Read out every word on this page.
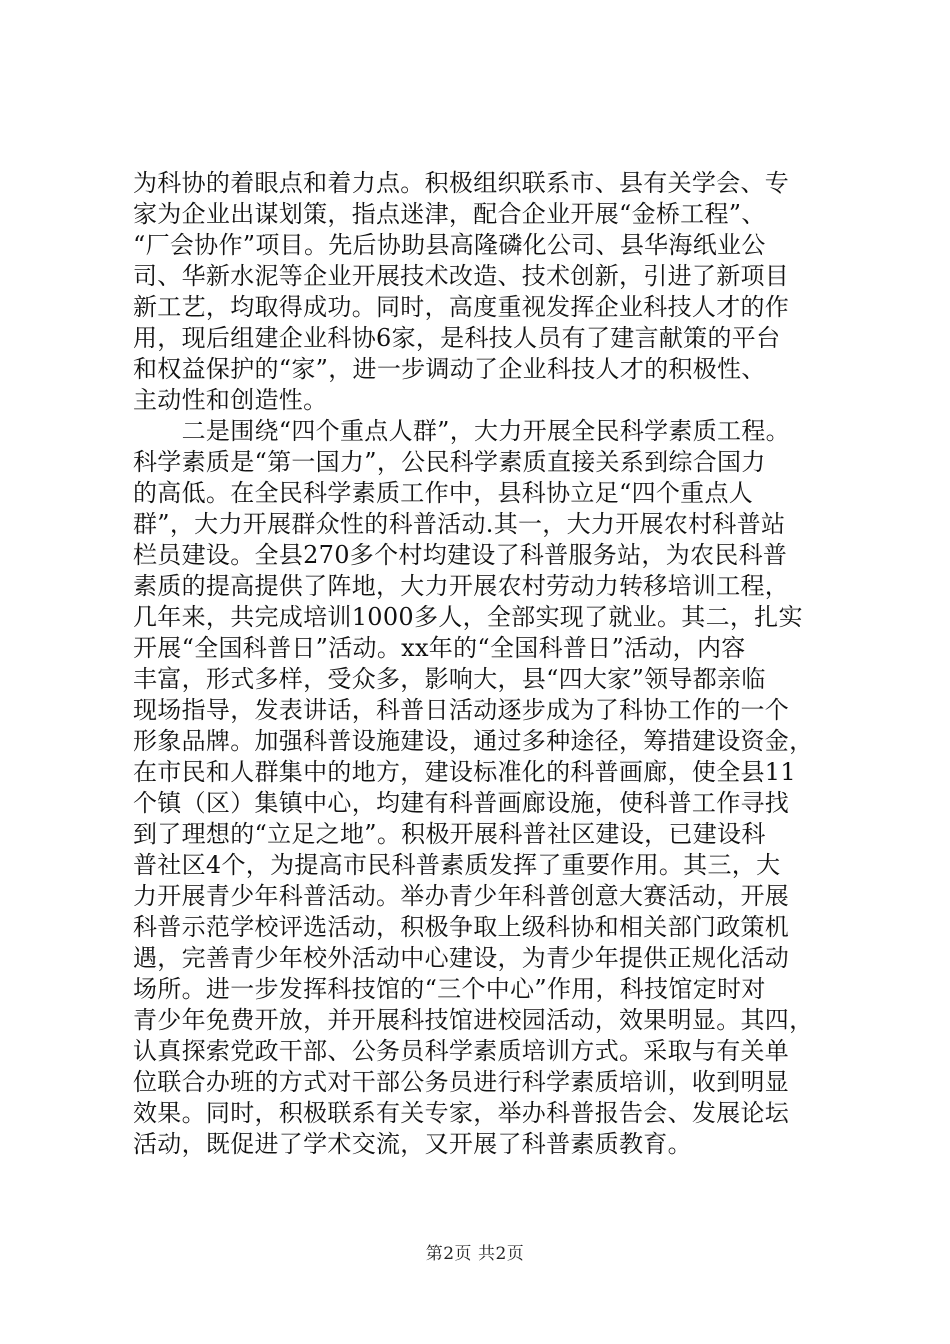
为科协的着眼点和着力点。积极组织联系市、县有关学会、专
家为企业出谋划策，指点迷津，配合企业开展“金桥工程”、
“厂会协作”项目。先后协助县高隆磷化公司、县华海纸业公
司、华新水泥等企业开展技术改造、技术创新，引进了新项目
新工艺，均取得成功。同时，高度重视发挥企业科技人才的作
用，现后组建企业科协6家，是科技人员有了建言献策的平台
和权益保护的“家”，进一步调动了企业科技人才的积极性、
主动性和创造性。
　　二是围绕“四个重点人群”，大力开展全民科学素质工程。
科学素质是“第一国力”，公民科学素质直接关系到综合国力
的高低。在全民科学素质工作中，县科协立足“四个重点人
群”，大力开展群众性的科普活动.其一，大力开展农村科普站
栏员建设。全县270多个村均建设了科普服务站，为农民科普
素质的提高提供了阵地，大力开展农村劳动力转移培训工程，
几年来，共完成培训1000多人，全部实现了就业。其二，扎实
开展“全国科普日”活动。xx年的“全国科普日”活动，内容
丰富，形式多样，受众多，影响大，县“四大家”领导都亲临
现场指导，发表讲话，科普日活动逐步成为了科协工作的一个
形象品牌。加强科普设施建设，通过多种途径，筹措建设资金，
在市民和人群集中的地方，建设标准化的科普画廊，使全县11
个镇（区）集镇中心，均建有科普画廊设施，使科普工作寻找
到了理想的“立足之地”。积极开展科普社区建设，已建设科
普社区4个，为提高市民科普素质发挥了重要作用。其三，大
力开展青少年科普活动。举办青少年科普创意大赛活动，开展
科普示范学校评选活动，积极争取上级科协和相关部门政策机
遇，完善青少年校外活动中心建设，为青少年提供正规化活动
场所。进一步发挥科技馆的“三个中心”作用，科技馆定时对
青少年免费开放，并开展科技馆进校园活动，效果明显。其四，
认真探索党政干部、公务员科学素质培训方式。采取与有关单
位联合办班的方式对干部公务员进行科学素质培训，收到明显
效果。同时，积极联系有关专家，举办科普报告会、发展论坛
活动，既促进了学术交流，又开展了科普素质教育。
第2页 共2页
